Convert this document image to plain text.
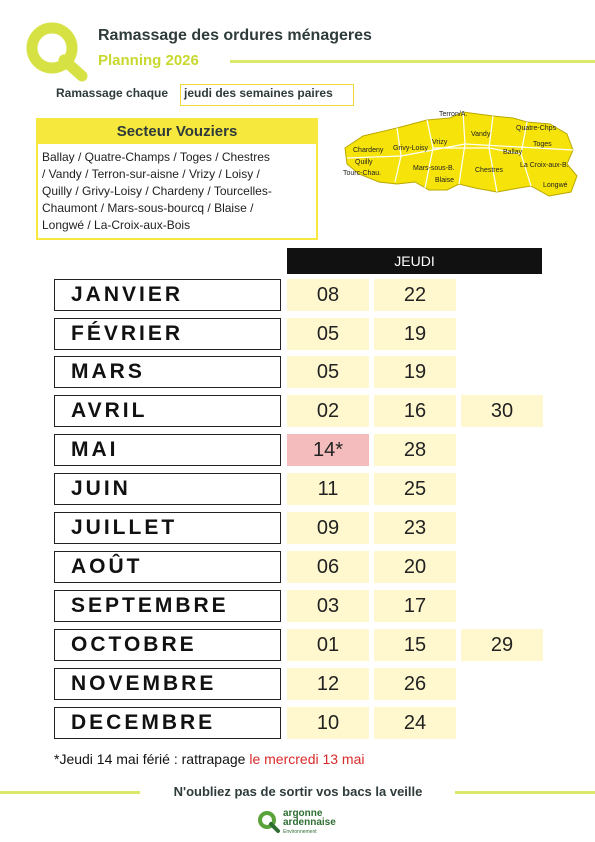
Ramassage des ordures ménageres
Planning 2026
Ramassage chaque jeudi des semaines paires
Secteur Vouziers
Ballay / Quatre-Champs / Toges / Chestres
/ Vandy / Terron-sur-aisne / Vrizy / Loisy /
Quilly / Grivy-Loisy / Chardeny / Tourcelles-
Chaumont / Mars-sous-bourcq / Blaise /
Longwé / La-Croix-aux-Bois
Terron/A.
Vrizy
Vandy
Quatre-Chps
Toges
Chardeny Grivy-Loisy
Quilly
Tourc-Chau.
Mars-sous-B.
Blaise
Ballay
Chestres
La Croix-aux-B.
Longwé
JEUDI
JANVIER	08	22
FÉVRIER	05	19
MARS	05	19
AVRIL	02	16	30
MAI	14*	28
JUIN	11	25
JUILLET	09	23
AOÛT	06	20
SEPTEMBRE	03	17
OCTOBRE	01	15	29
NOVEMBRE	12	26
DECEMBRE	10	24
*Jeudi 14 mai férié : rattrapage le mercredi 13 mai
N'oubliez pas de sortir vos bacs la veille
argonne
ardennaise
Environnement
